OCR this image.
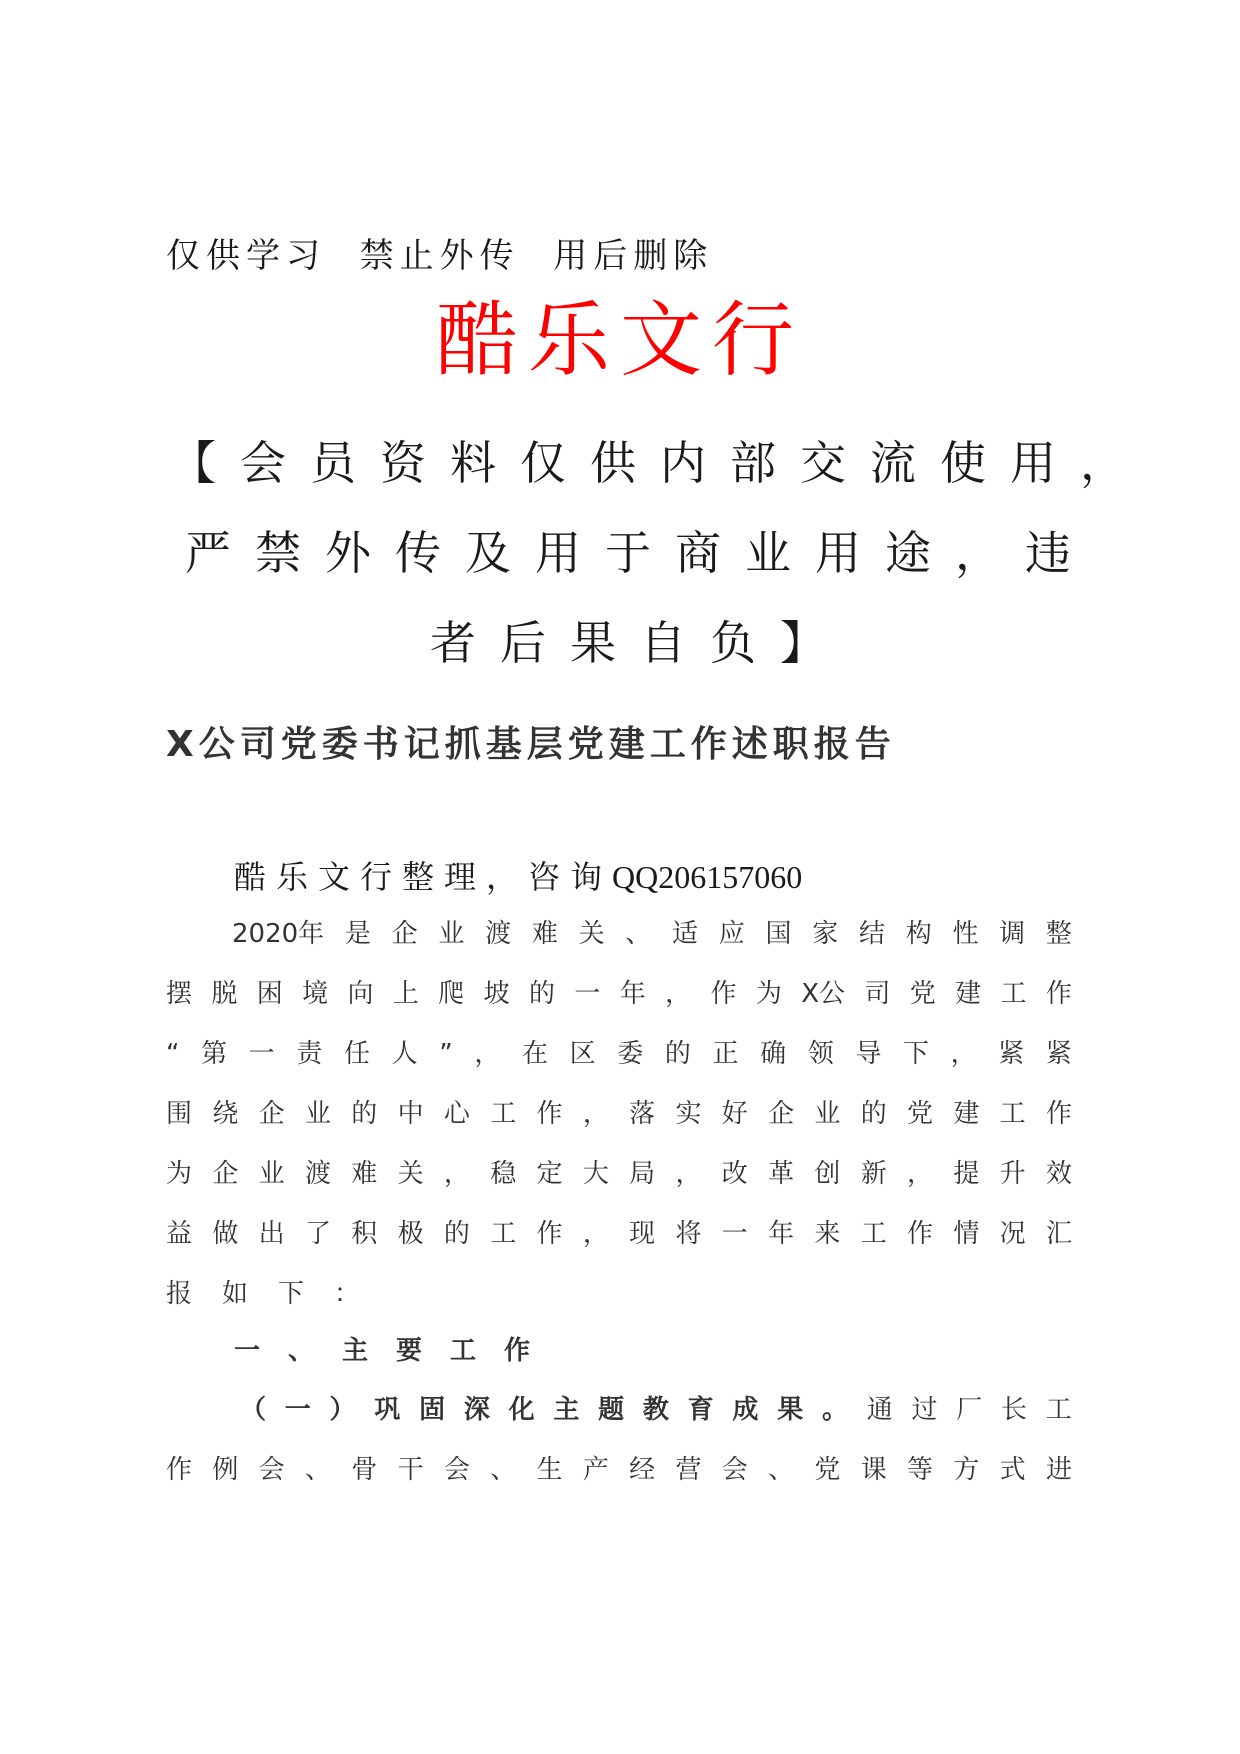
仅供学习  禁止外传  用后删除
酷乐文行
【会员资料仅供内部交流使用，
严禁外传及用于商业用途，违
者后果自负】
X公司党委书记抓基层党建工作述职报告
酷乐文行整理，咨询QQ206157060
2020年 是 企 业 渡 难 关 、 适 应 国 家 结 构 性 调 整
摆 脱 困 境 向 上 爬 坡 的 一 年 ， 作 为 X公 司 党 建 工 作
“ 第 一 责 任 人 ” ， 在 区 委 的 正 确 领 导 下 ， 紧 紧
围 绕 企 业 的 中 心 工 作 ， 落 实 好 企 业 的 党 建 工 作
为 企 业 渡 难 关 ， 稳 定 大 局 ， 改 革 创 新 ， 提 升 效
益 做 出 了 积 极 的 工 作 ， 现 将 一 年 来 工 作 情 况 汇
报 如 下 ：
一、主要工作
（ 一 ） 巩 固 深 化 主 题 教 育 成 果 。 通 过 厂 长 工
作 例 会 、 骨 干 会 、 生 产 经 营 会 、 党 课 等 方 式 进
